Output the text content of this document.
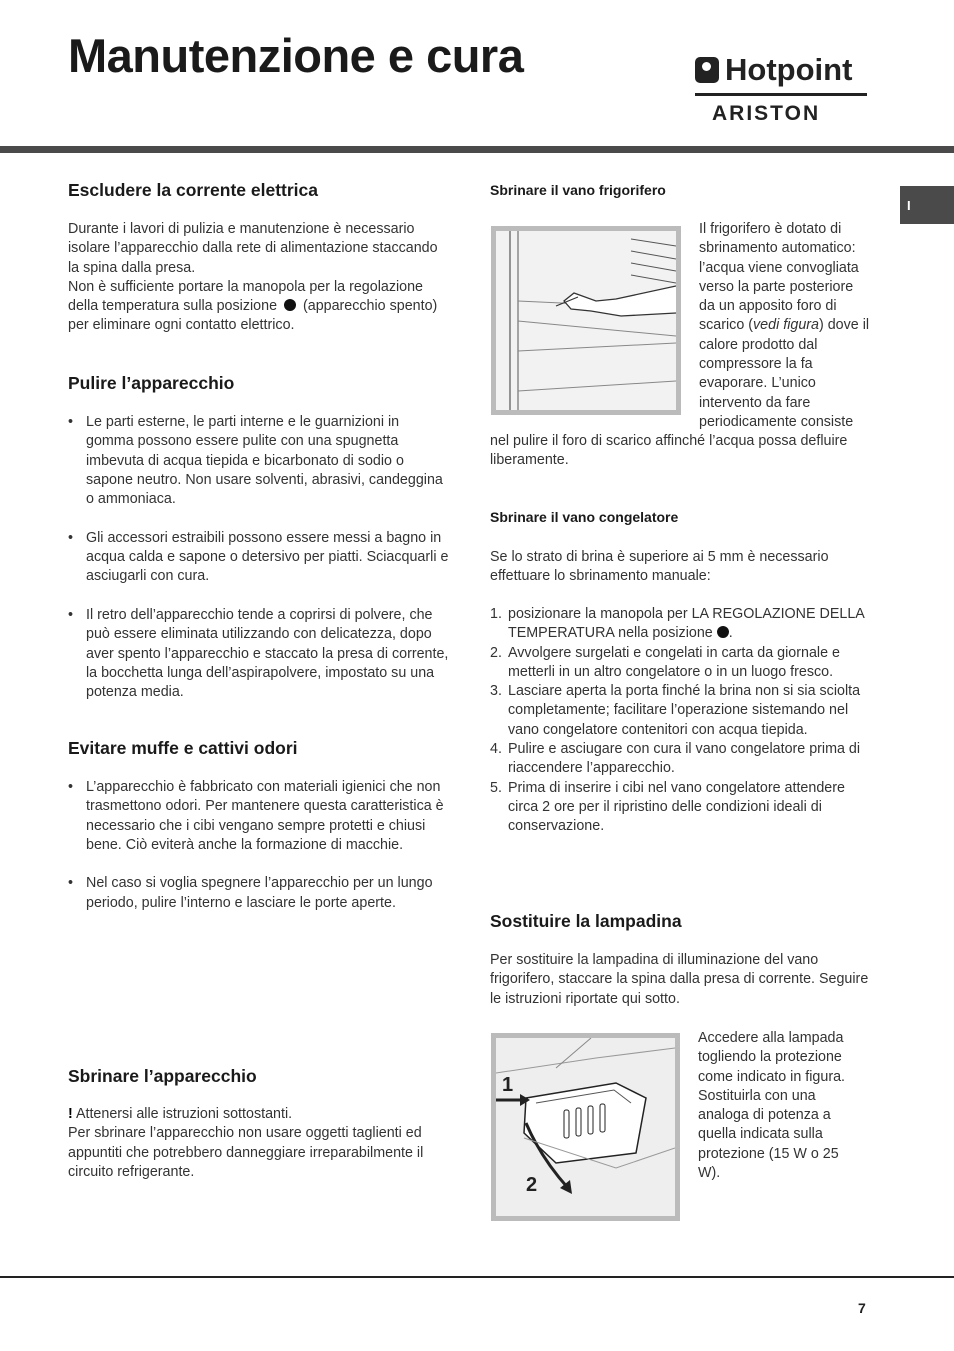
Manutenzione e cura	Hotpoint
ARISTON
I
Escludere la corrente elettrica
Durante i lavori di pulizia e manutenzione è necessario isolare l’apparecchio dalla rete di alimentazione staccando la spina dalla presa.
Non è sufficiente portare la manopola per la regolazione della temperatura sulla posizione (apparecchio spento) per eliminare ogni contatto elettrico.
Pulire l’apparecchio
• Le parti esterne, le parti interne e le guarnizioni in gomma possono essere pulite con una spugnetta imbevuta di acqua tiepida e bicarbonato di sodio o sapone neutro. Non usare solventi, abrasivi, candeggina o ammoniaca.
• Gli accessori estraibili possono essere messi a bagno in acqua calda e sapone o detersivo per piatti. Sciacquarli e asciugarli con cura.
• Il retro dell’apparecchio tende a coprirsi di polvere, che può essere eliminata utilizzando con delicatezza, dopo aver spento l’apparecchio e staccato la presa di corrente, la bocchetta lunga dell’aspirapolvere, impostato su una potenza media.
Evitare muffe e cattivi odori
• L’apparecchio è fabbricato con materiali igienici che non trasmettono odori. Per mantenere questa caratteristica è necessario che i cibi vengano sempre protetti e chiusi bene. Ciò eviterà anche la formazione di macchie.
• Nel caso si voglia spegnere l’apparecchio per un lungo periodo, pulire l’interno e lasciare le porte aperte.
Sbrinare l’apparecchio
! Attenersi alle istruzioni sottostanti.
Per sbrinare l’apparecchio non usare oggetti taglienti ed appuntiti che potrebbero danneggiare irreparabilmente il circuito refrigerante.
Sbrinare il vano frigorifero
Il frigorifero è dotato di sbrinamento automatico: l’acqua viene convogliata verso la parte posteriore da un apposito foro di scarico (vedi figura) dove il calore prodotto dal compressore la fa evaporare. L’unico intervento da fare periodicamente consiste
nel pulire il foro di scarico affinché l’acqua possa defluire liberamente.
Sbrinare il vano congelatore
Se lo strato di brina è superiore ai 5 mm è necessario effettuare lo sbrinamento manuale:
1. posizionare la manopola per LA REGOLAZIONE DELLA TEMPERATURA nella posizione .
2. Avvolgere surgelati e congelati in carta da giornale e metterli in un altro congelatore o in un luogo fresco.
3. Lasciare aperta la porta finché la brina non si sia sciolta completamente; facilitare l’operazione sistemando nel vano congelatore contenitori con acqua tiepida.
4. Pulire e asciugare con cura il vano congelatore prima di riaccendere l’apparecchio.
5. Prima di inserire i cibi nel vano congelatore attendere circa 2 ore per il ripristino delle condizioni ideali di conservazione.
Sostituire la lampadina
Per sostituire la lampadina di illuminazione del vano frigorifero, staccare la spina dalla presa di corrente. Seguire le istruzioni riportate qui sotto.
1
2
Accedere alla lampada togliendo la protezione come indicato in figura. Sostituirla con una analoga di potenza a quella indicata sulla protezione (15 W o 25 W).
7
